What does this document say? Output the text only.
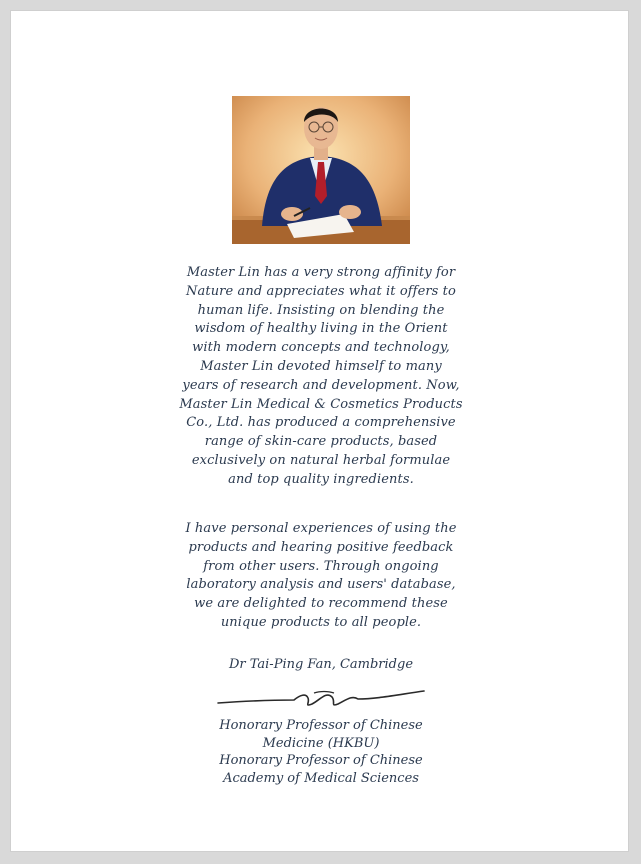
Master Lin has a very strong affinity for
Nature and appreciates what it offers to
human life. Insisting on blending the
wisdom of healthy living in the Orient
with modern concepts and technology,
Master Lin devoted himself to many
years of research and development. Now,
Master Lin Medical & Cosmetics Products
Co., Ltd. has produced a comprehensive
range of skin-care products, based
exclusively on natural herbal formulae
and top quality ingredients.
I have personal experiences of using the
products and hearing positive feedback
from other users. Through ongoing
laboratory analysis and users' database,
we are delighted to recommend these
unique products to all people.
Dr Tai-Ping Fan, Cambridge
Honorary Professor of Chinese
Medicine (HKBU)
Honorary Professor of Chinese
Academy of Medical Sciences
